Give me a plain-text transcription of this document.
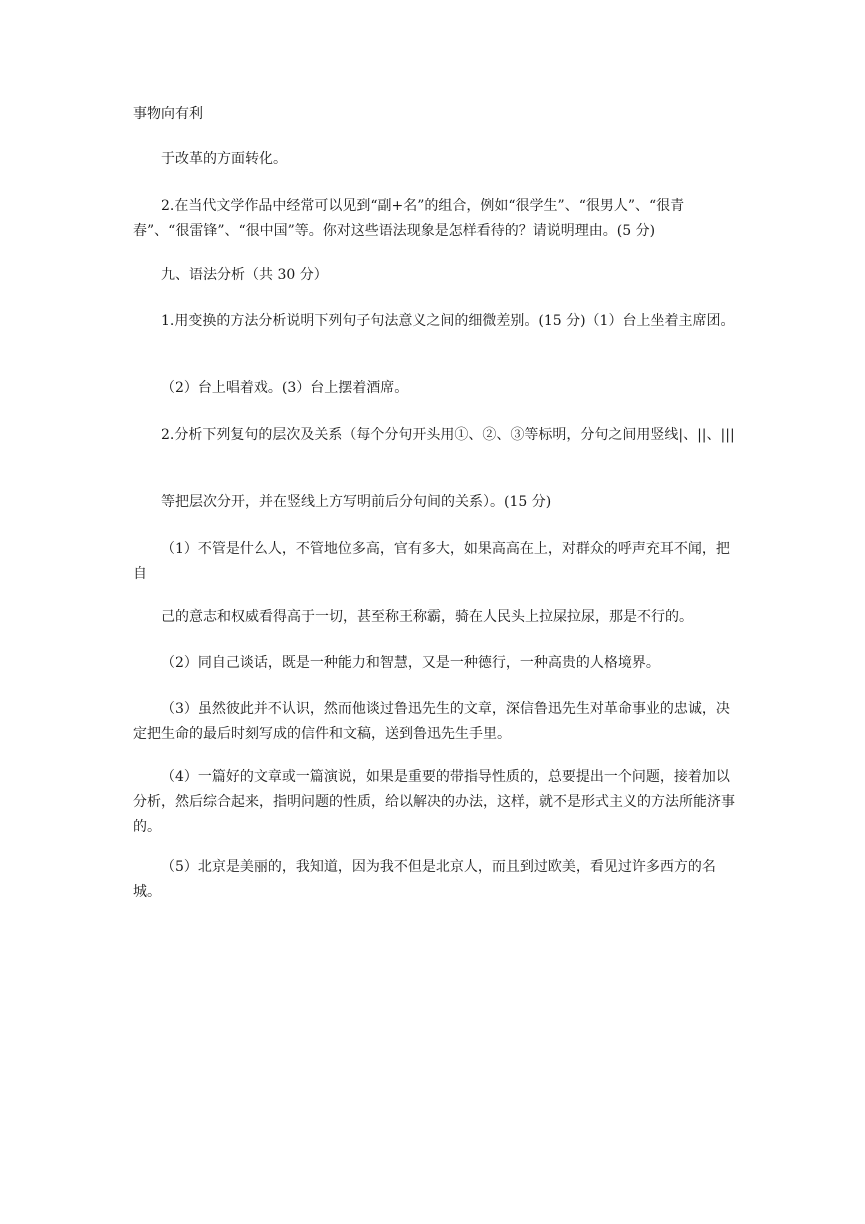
事物向有利

于改革的方面转化。

2.在当代文学作品中经常可以见到“副+名”的组合，例如“很学生”、“很男人”、“很青春”、“很雷锋”、“很中国”等。你对这些语法现象是怎样看待的？请说明理由。(5 分)

九、语法分析（共 30 分）

1.用变换的方法分析说明下列句子句法意义之间的细微差别。(15 分)（1）台上坐着主席团。

（2）台上唱着戏。(3）台上摆着酒席。

2.分析下列复句的层次及关系（每个分句开头用①、②、③等标明，分句之间用竖线|、||、|||

等把层次分开，并在竖线上方写明前后分句间的关系）。(15 分)

（1）不管是什么人，不管地位多高，官有多大，如果高高在上，对群众的呼声充耳不闻，把自

己的意志和权威看得高于一切，甚至称王称霸，骑在人民头上拉屎拉尿，那是不行的。

（2）同自己谈话，既是一种能力和智慧，又是一种德行，一种高贵的人格境界。

（3）虽然彼此并不认识，然而他谈过鲁迅先生的文章，深信鲁迅先生对革命事业的忠诚，决定把生命的最后时刻写成的信件和文稿，送到鲁迅先生手里。

（4）一篇好的文章或一篇演说，如果是重要的带指导性质的，总要提出一个问题，接着加以分析，然后综合起来，指明问题的性质，给以解决的办法，这样，就不是形式主义的方法所能济事的。

（5）北京是美丽的，我知道，因为我不但是北京人，而且到过欧美，看见过许多西方的名城。
